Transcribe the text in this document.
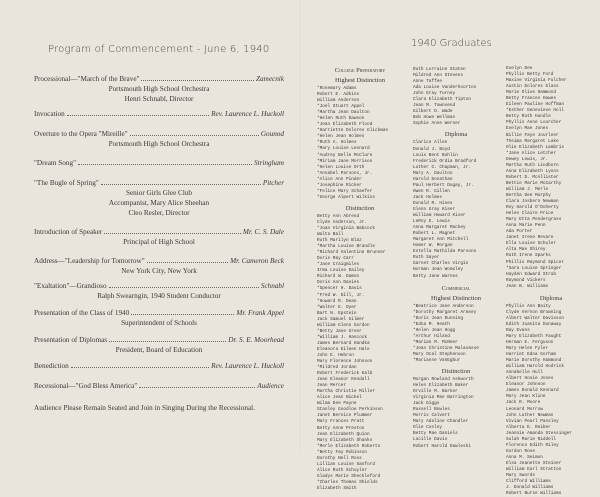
Program of Commencement - June 6, 1940
Processional—"March of the Brave"	Zamecnik
Portsmouth High School Orchestra
Henri Schnabl, Director
Invocation	Rev. Laurence L. Huckoll
Overture to the Opera "Mireille"	Gounod
Portsmouth High School Orchestra
"Dream Song"	Stringham
"The Bugle of Spring"	Pitcher
Senior Girls Glee Club
Accompanist, Mary Alice Sheehan
Cleo Resler, Director
Introduction of Speaker	Mr. C. S. Dale
Principal of High School
Address—"Leadership for Tomorrow"	Mr. Cameron Beck
New York City, New York
"Exaltation"—Grandioso	Schnabl
Ralph Swearngin, 1940 Student Conductor
Presentation of the Class of 1940	Mr. Frank Appel
Superintendent of Schools
Presentation of Diplomas	Dr. S. E. Moorhead
President, Board of Education
Benediction	Rev. Laurence L. Huckoll
Recessional—"God Bless America"	Audience
Audience Please Remain Seated and Join in Singing During the Recessional.
1940 Graduates
College Preparatory
Highest Distinction
*Rosemary Adams
Robert E. Adkins
William Anderson
*Joel Stuart Appel
*Martha Jean Daulton
*Helen Ruth Dawson
*Jean Elizabeth Flood
*Harriette Dolores Glickman
*Helen Jean Holmes
*Ruth A. Holmes
*Mary Louise Leonard
*Audrey Belle McClure
*Miriam Jane Morrison
*Helen Louise Orth
*Annabel Parsons, Jr.
*Alice Ann Pinder
*Josephine Ricker
*Felice Mary Schaefer
*George Alpert Wilkins
Distinction
Betty Ann Abrend
Clyde Anderson, Jr.
*Joan Virginia Babcock
Walta Ball
Ruth Marilyn Blaz
*Martha Louise Brandle
*Richard Valentine Brunner
Doris May Carr
*Jane Craigmiles
Irma Louise Dailey
Richard W. Damon
Doris Ann Davies
*Spencer H. Davis
*Fred W. Dill, Jr.
*Howard R. Dean
*Walter E. Dyer
Bart N. Epstein
Jack Samuel Gilmer
William Glenn Gordon
*Betty Jane Greer
*William J. Hancock
James Bernard Handka
Eleanora Eileen Hale
John E. Hebron
Mary Florence Johnson
*Mildred Jordan
Robert Frederick Kalb
Jean Eleanor Kendall
Jean Mercer
Martha Christie Miller
Alice Jean Nickel
Wilma Dee Payne
Stanley Goodloe Perkinson
Janet Bernice Plummer
Mary Frances Pratt
Betty Anne Preston
Jean Elizabeth Quinn
Mary Elizabeth Shanks
*Merle Elizabeth Roberts
*Betty Fay Robinson
Dorothy Nell Ross
Lillian Louise Sanford
Alice Ruth Schuyler
Gladys Marie Sheckleford
*Charles Thomas Shields
Elizabeth Smith
Ruth Lorraine Staten
Mildred Ann Stevens
Anne Taffee
Ada Louise Vanderhoorton
John Gray Turney
Clara Elizabeth Tipton
Jean M. Townsend
Gilbert D. Wade
Bob Howe Wellman
Sophie Anne Werner
Diploma
Clarice Allen
Donald J. Boyd
Louis Bent Buhlin
Frederick Ordia Bradford
Luther C. Chapman, Jr.
Mary A. Daulton
Harold Donathan
Paul Herbert Dugay, Jr.
Owen R. Gillen
Jack Holmes
Donald R. Hines
Glenn Gray Kiser
William Howard Kiser
LeRoy E. Lewis
Anna Margaret Mackey
Robert L. Magnet
Margaret Ann Mitchell
Homer W. Morgan
Estella Mathilda Parsons
Ruth Sayer
Garnet Charles Virgin
Norman Jean Womsley
Betty Jane Warnes
Commercial
Highest Distinction
*Beatrice Jane Anderson
*Dorothy Margaret Armsey
*Doris Jean Dunning
*Edna M. Heath
*Helen Jean Hogg
*Arthur Hiland
*Marian M. McNeer
*Jean Christine Malavasse
Mary Ocal Stephenson
*Marianne VanEgbur
Distinction
Morgan Rowland Ashworth
Helen Elizabeth Baker
Orville M. Barker
Virginia Mae Barrington
Jack Diggs
Russell Bowles
Morris Calvert
Mary Adaline Chandler
Olie Conley
Betty Mae Daniels
Lucille Davis
Robert Harold Dawleski
Evelyn Dee
Phyllis Betty Ford
Maxine Virginia Fulcher
Austin Dolores Glass
Marie Olive Hammond
Betty Frances Hawes
Eileen Pauline Hoffman
*Esther Genevieve Holl
Betty Ruth Hundle
Phyllis Anne Lourcher
Evelyn Mae Jones
Billie Faye Jourlner
Theima Margaret Lake
Olie Elizabeth Lambris
*Jane Alice Letcher
Dewey Lewis, Jr.
Martha Ruth Lindborn
Anna Elizabeth Lyons
Robert D. McAllister
Bettie Marie McCarthy
William J. Merle
Bertha Dee Murphy
Clara Josbern Newman
Roy Harold O'Doherty
Helen Claire Price
Mary Etta Pendergrass
Anna Marie Penn
Ada Porter
Janet Irene Revare
Ella Louise Schuler
Alta Mae Shirey
Ruth Irene Sparks
Phillis Raymond Spicer
*Sara Louise Springer
Hayden Edward Strub
Raymond Vickers
Jean B. Williams
Diploma
Phyllis Ann Baity
Clyde Vernon Browning
Albert Walter Davisson
Edith Juanita Dunaway
Ray Evans
Mary Elizabeth Faught
Herman E. Ferguson
Mary Helen Fyler
Harriet Edna Gorham
Marie Dorothy Hammond
William Harold Hodrick
Annabelle Hull
Albert Hosie Jones
Eleanor Johnson
James Donald Kennard
Mary Jean Kline
Jack R. Moore
Leonard Morrow
John Luther Newman
Vivian Pearl Pansley
Alberta E. Reiber
Jeannie Amanda Stessinger
Sulah Marie Riddell
Florence Edith Riley
Gordon Rose
Anna M. Seimon
Elsa Jeanette Steiner
William Earl Stratton
Mary Swords
Clifford Williams
J. Donald Williams
Robert Burse Williams
